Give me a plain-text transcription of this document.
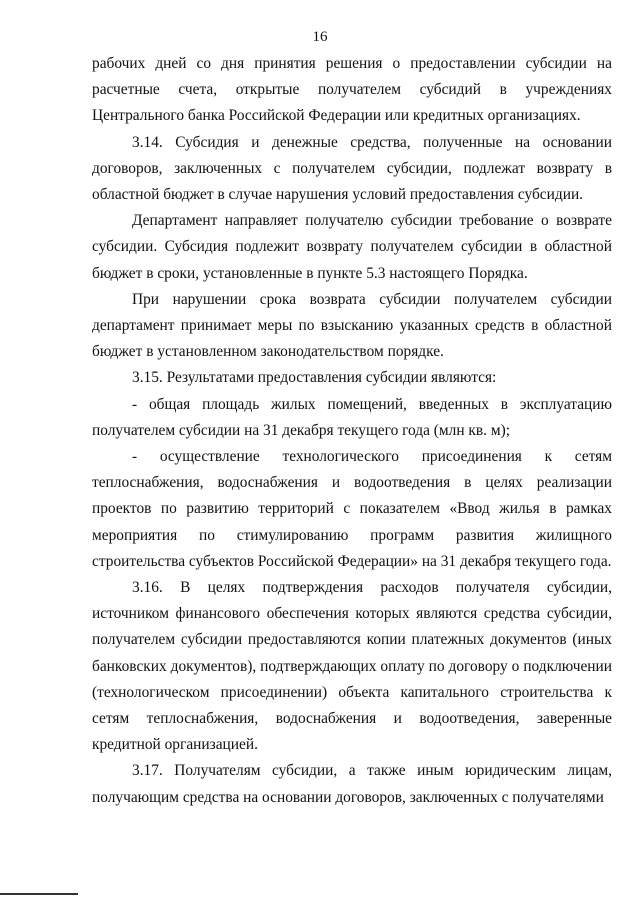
16

рабочих дней со дня принятия решения о предоставлении субсидии на расчетные счета, открытые получателем субсидий в учреждениях Центрального банка Российской Федерации или кредитных организациях.

3.14. Субсидия и денежные средства, полученные на основании договоров, заключенных с получателем субсидии, подлежат возврату в областной бюджет в случае нарушения условий предоставления субсидии.

Департамент направляет получателю субсидии требование о возврате субсидии. Субсидия подлежит возврату получателем субсидии в областной бюджет в сроки, установленные в пункте 5.3 настоящего Порядка.

При нарушении срока возврата субсидии получателем субсидии департамент принимает меры по взысканию указанных средств в областной бюджет в установленном законодательством порядке.

3.15. Результатами предоставления субсидии являются:

- общая площадь жилых помещений, введенных в эксплуатацию получателем субсидии на 31 декабря текущего года (млн кв. м);

- осуществление технологического присоединения к сетям теплоснабжения, водоснабжения и водоотведения в целях реализации проектов по развитию территорий с показателем «Ввод жилья в рамках мероприятия по стимулированию программ развития жилищного строительства субъектов Российской Федерации» на 31 декабря текущего года.

3.16. В целях подтверждения расходов получателя субсидии, источником финансового обеспечения которых являются средства субсидии, получателем субсидии предоставляются копии платежных документов (иных банковских документов), подтверждающих оплату по договору о подключении (технологическом присоединении) объекта капитального строительства к сетям теплоснабжения, водоснабжения и водоотведения, заверенные кредитной организацией.

3.17. Получателям субсидии, а также иным юридическим лицам, получающим средства на основании договоров, заключенных с получателями
